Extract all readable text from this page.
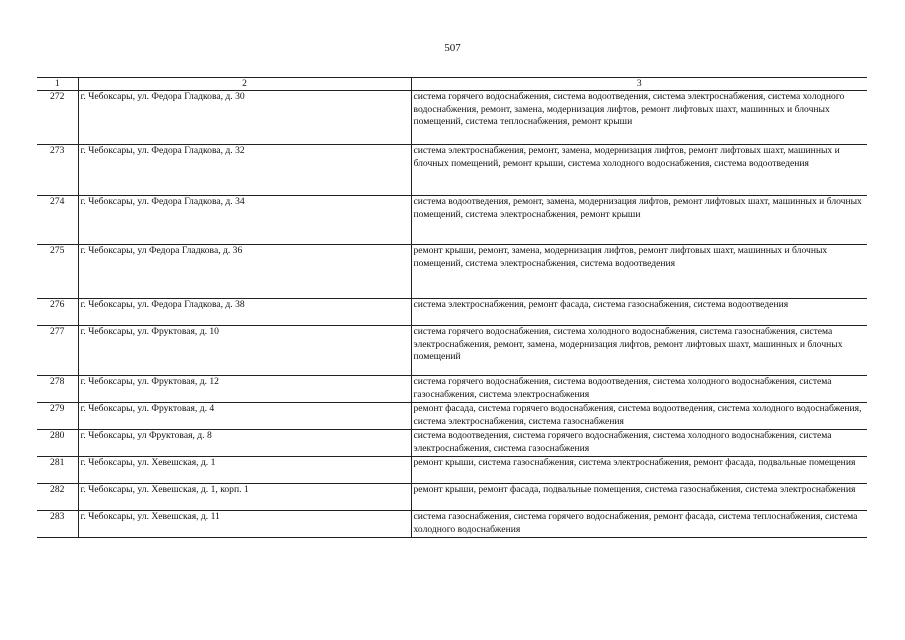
507
1	2	3
272	г. Чебоксары, ул. Федора Гладкова, д. 30	система горячего водоснабжения, система водоотведения, система электроснабжения, система холодного водоснабжения, ремонт, замена, модернизация лифтов, ремонт лифтовых шахт, машинных и блочных помещений, система теплоснабжения, ремонт крыши
273	г. Чебоксары, ул. Федора Гладкова, д. 32	система электроснабжения, ремонт, замена, модернизация лифтов, ремонт лифтовых шахт, машинных и блочных помещений, ремонт крыши, система холодного водоснабжения, система водоотведения
274	г. Чебоксары, ул. Федора Гладкова, д. 34	система водоотведения, ремонт, замена, модернизация лифтов, ремонт лифтовых шахт, машинных и блочных помещений, система электроснабжения, ремонт крыши
275	г. Чебоксары, ул Федора Гладкова, д. 36	ремонт крыши, ремонт, замена, модернизация лифтов, ремонт лифтовых шахт, машинных и блочных помещений, система электроснабжения, система водоотведения
276	г. Чебоксары, ул. Федора Гладкова, д. 38	система электроснабжения, ремонт фасада, система газоснабжения, система водоотведения
277	г. Чебоксары, ул. Фруктовая, д. 10	система горячего водоснабжения, система холодного водоснабжения, система газоснабжения, система электроснабжения, ремонт, замена, модернизация лифтов, ремонт лифтовых шахт, машинных и блочных помещений
278	г. Чебоксары, ул. Фруктовая, д. 12	система горячего водоснабжения, система водоотведения, система холодного водоснабжения, система газоснабжения, система электроснабжения
279	г. Чебоксары, ул. Фруктовая, д. 4	ремонт фасада, система горячего водоснабжения, система водоотведения, система холодного водоснабжения, система электроснабжения, система газоснабжения
280	г. Чебоксары, ул Фруктовая, д. 8	система водоотведения, система горячего водоснабжения, система холодного водоснабжения, система электроснабжения, система газоснабжения
281	г. Чебоксары, ул. Хевешская, д. 1	ремонт крыши, система газоснабжения, система электроснабжения, ремонт фасада, подвальные помещения
282	г. Чебоксары, ул. Хевешская, д. 1, корп. 1	ремонт крыши, ремонт фасада, подвальные помещения, система газоснабжения, система электроснабжения
283	г. Чебоксары, ул. Хевешская, д. 11	система газоснабжения, система горячего водоснабжения, ремонт фасада, система теплоснабжения, система холодного водоснабжения
